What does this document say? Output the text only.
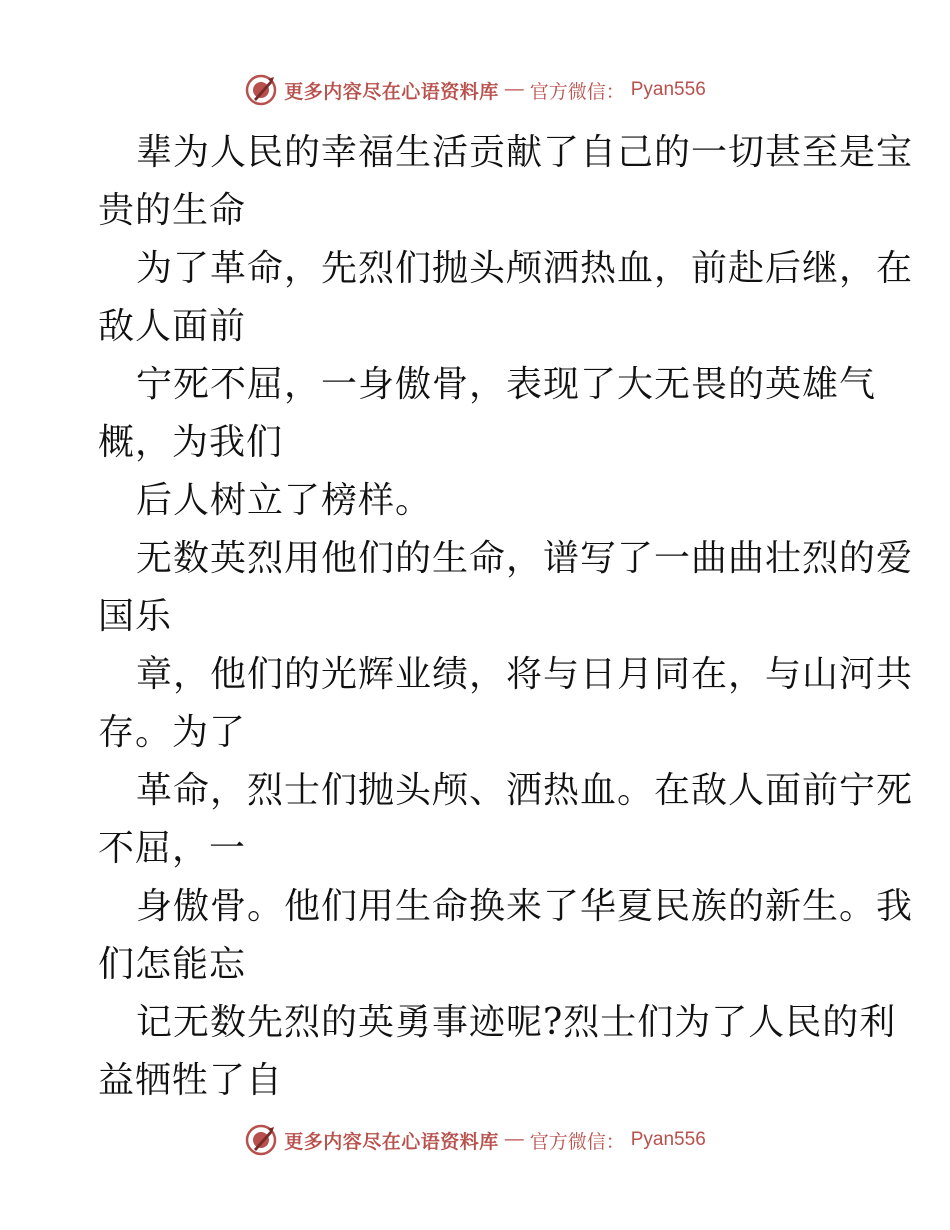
更多内容尽在心语资料库 — 官方微信： Pyan556
辈为人民的幸福生活贡献了自己的一切甚至是宝
贵的生命
为了革命，先烈们抛头颅洒热血，前赴后继，在
敌人面前
宁死不屈，一身傲骨，表现了大无畏的英雄气
概，为我们
后人树立了榜样。
无数英烈用他们的生命，谱写了一曲曲壮烈的爱
国乐
章，他们的光辉业绩，将与日月同在，与山河共
存。为了
革命，烈士们抛头颅、洒热血。在敌人面前宁死
不屈，一
身傲骨。他们用生命换来了华夏民族的新生。我
们怎能忘
记无数先烈的英勇事迹呢?烈士们为了人民的利
益牺牲了自
更多内容尽在心语资料库 — 官方微信： Pyan556
